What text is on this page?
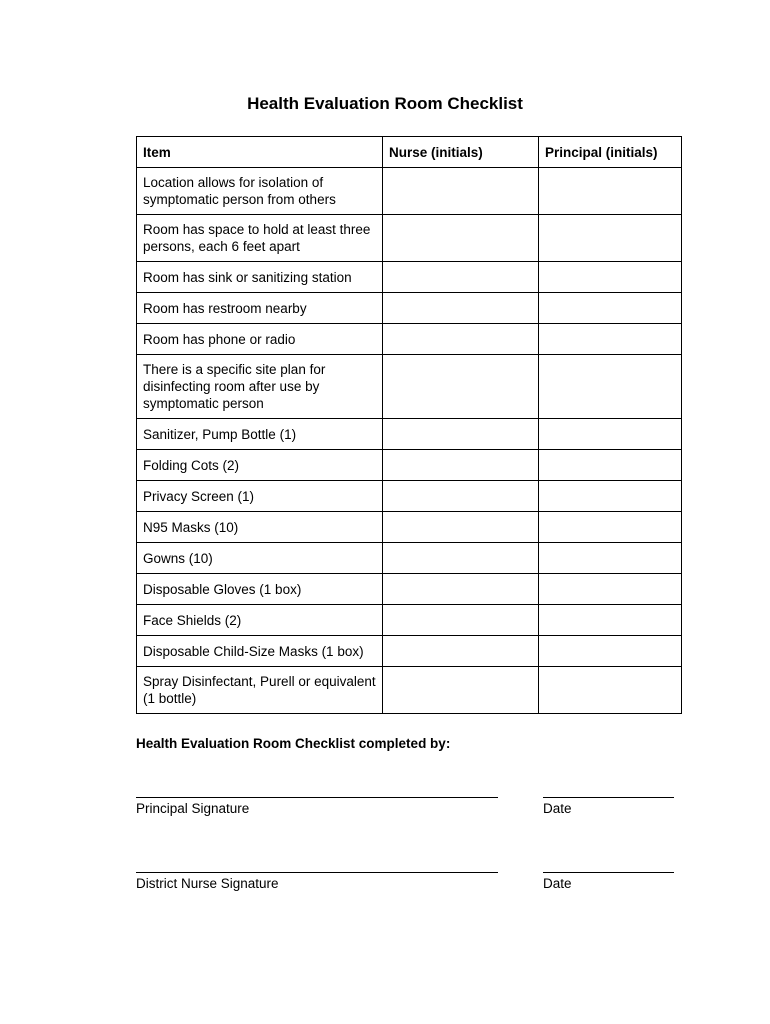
Health Evaluation Room Checklist
Item	Nurse (initials)	Principal (initials)
Location allows for isolation of symptomatic person from others		
Room has space to hold at least three persons, each 6 feet apart		
Room has sink or sanitizing station		
Room has restroom nearby		
Room has phone or radio		
There is a specific site plan for disinfecting room after use by symptomatic person		
Sanitizer, Pump Bottle (1)		
Folding Cots (2)		
Privacy Screen (1)		
N95 Masks (10)		
Gowns (10)		
Disposable Gloves (1 box)		
Face Shields (2)		
Disposable Child-Size Masks (1 box)		
Spray Disinfectant, Purell or equivalent (1 bottle)		
Health Evaluation Room Checklist completed by:
Principal Signature	Date
District Nurse Signature	Date
